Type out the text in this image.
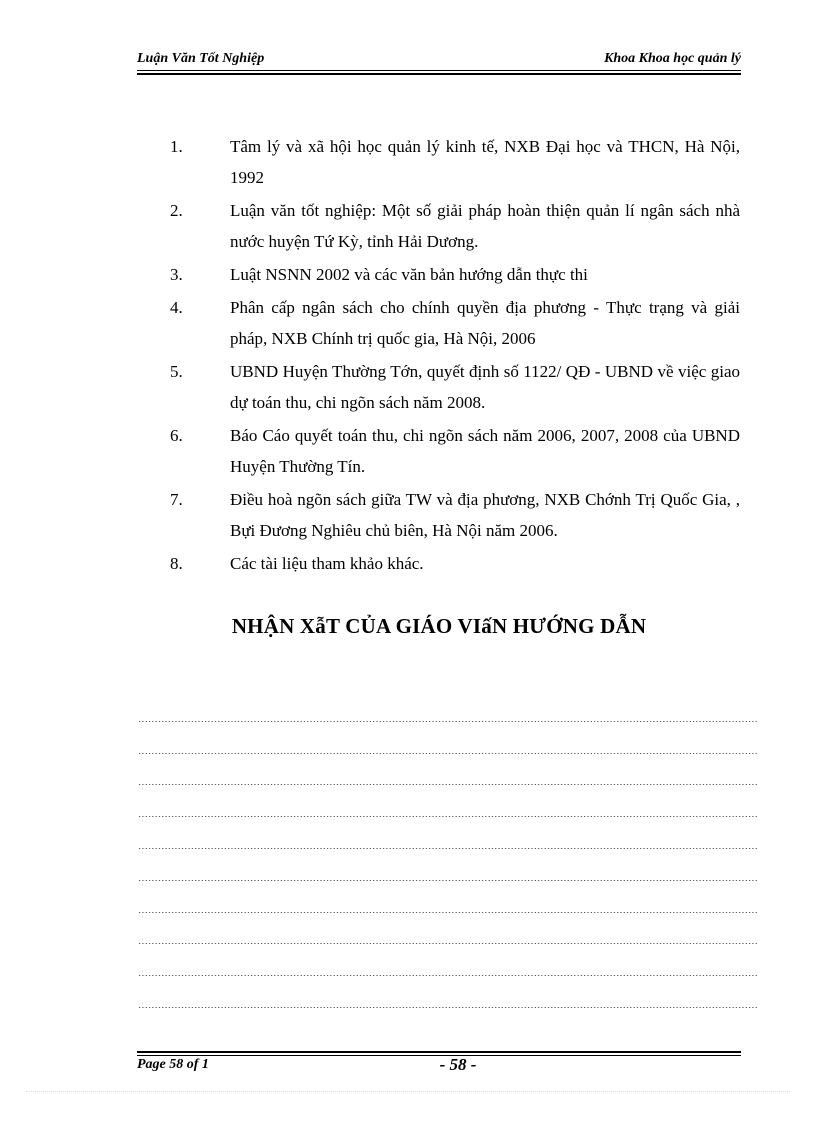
Luận Văn Tốt Nghiệp	Khoa Khoa học quản lý
1.	Tâm lý và xã hội học quản lý kinh tế, NXB Đại học và THCN, Hà Nội, 1992
2.	Luận văn tốt nghiệp: Một số giải pháp hoàn thiện quản lí ngân sách nhà nước huyện Tứ Kỳ, tỉnh Hải Dương.
3.	Luật NSNN 2002 và các văn bản hướng dẫn thực thi
4.	Phân cấp ngân sách cho chính quyền địa phương - Thực trạng và giải pháp, NXB Chính trị quốc gia, Hà Nội, 2006
5.	UBND Huyện Thường Tớn, quyết định số 1122/ QĐ - UBND về việc giao dự toán thu, chi ngõn sách năm 2008.
6.	Báo Cáo quyết toán thu, chi ngõn sách năm 2006, 2007, 2008 của UBND Huyện Thường Tín.
7.	Điều hoà ngõn sách giữa TW và địa phương, NXB Chớnh Trị Quốc Gia, , Bựi Đương Nghiêu chủ biên, Hà Nội năm 2006.
8.	Các tài liệu tham khảo khác.
NHẬN XẫT CỦA GIÁO VIấN HƯỚNG DẪN
Page 58 of 1	- 58 -
